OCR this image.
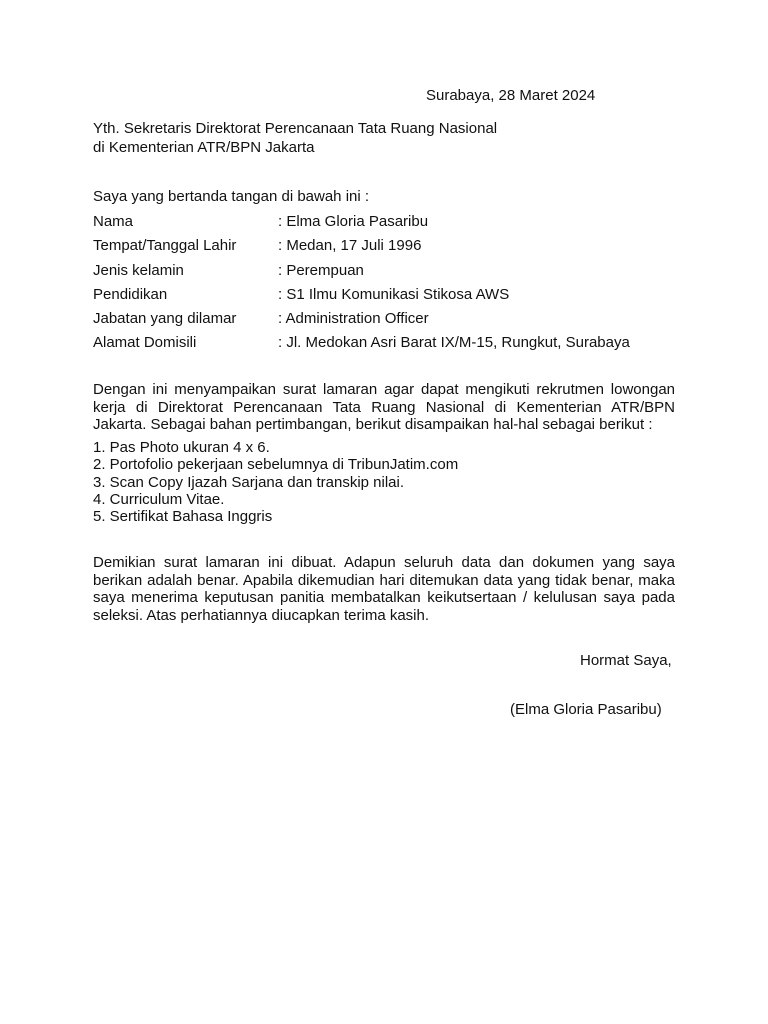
Surabaya, 28 Maret 2024
Yth. Sekretaris Direktorat Perencanaan Tata Ruang Nasional
di Kementerian ATR/BPN Jakarta
Saya yang bertanda tangan di bawah ini :
Nama	: Elma Gloria Pasaribu
Tempat/Tanggal Lahir	: Medan, 17 Juli 1996
Jenis kelamin	: Perempuan
Pendidikan	: S1 Ilmu Komunikasi Stikosa AWS
Jabatan yang dilamar	: Administration Officer
Alamat Domisili	: Jl. Medokan Asri Barat IX/M-15, Rungkut, Surabaya
Dengan ini menyampaikan surat lamaran agar dapat mengikuti rekrutmen lowongan kerja di Direktorat Perencanaan Tata Ruang Nasional di Kementerian ATR/BPN Jakarta. Sebagai bahan pertimbangan, berikut disampaikan hal-hal sebagai berikut :
1. Pas Photo ukuran 4 x 6.
2. Portofolio pekerjaan sebelumnya di TribunJatim.com
3. Scan Copy Ijazah Sarjana dan transkip nilai.
4. Curriculum Vitae.
5. Sertifikat Bahasa Inggris
Demikian surat lamaran ini dibuat. Adapun seluruh data dan dokumen yang saya berikan adalah benar. Apabila dikemudian hari ditemukan data yang tidak benar, maka saya menerima keputusan panitia membatalkan keikutsertaan / kelulusan saya pada seleksi. Atas perhatiannya diucapkan terima kasih.
Hormat Saya,
(Elma Gloria Pasaribu)
